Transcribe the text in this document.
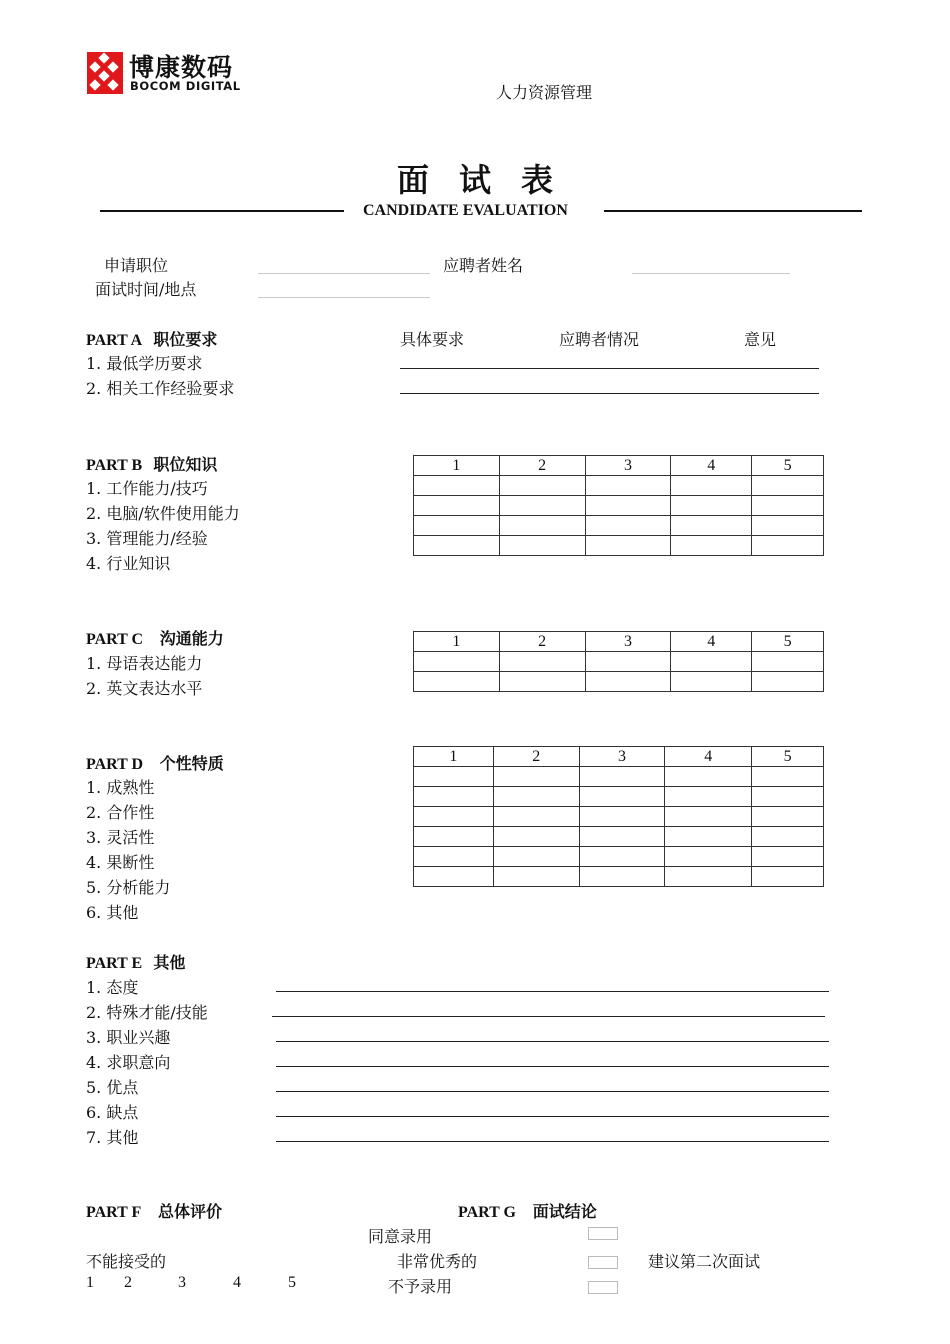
博康数码
BOCOM DIGITAL	人力资源管理
面试表
CANDIDATE EVALUATION
申请职位	应聘者姓名
面试时间/地点
PART A 职位要求	具体要求	应聘者情况	意见
1. 最低学历要求
2. 相关工作经验要求
PART B 职位知识
1. 工作能力/技巧
2. 电脑/软件使用能力
3. 管理能力/经验
4. 行业知识
1	2	3	4	5

PART C 沟通能力
1. 母语表达能力
2. 英文表达水平
1	2	3	4	5

PART D 个性特质
1. 成熟性
2. 合作性
3. 灵活性
4. 果断性
5. 分析能力
6. 其他
1	2	3	4	5

PART E 其他
1. 态度
2. 特殊才能/技能
3. 职业兴趣
4. 求职意向
5. 优点
6. 缺点
7. 其他
PART F 总体评价
不能接受的	非常优秀的
1 2	3	4	5
PART G 面试结论
同意录用
建议第二次面试
不予录用
